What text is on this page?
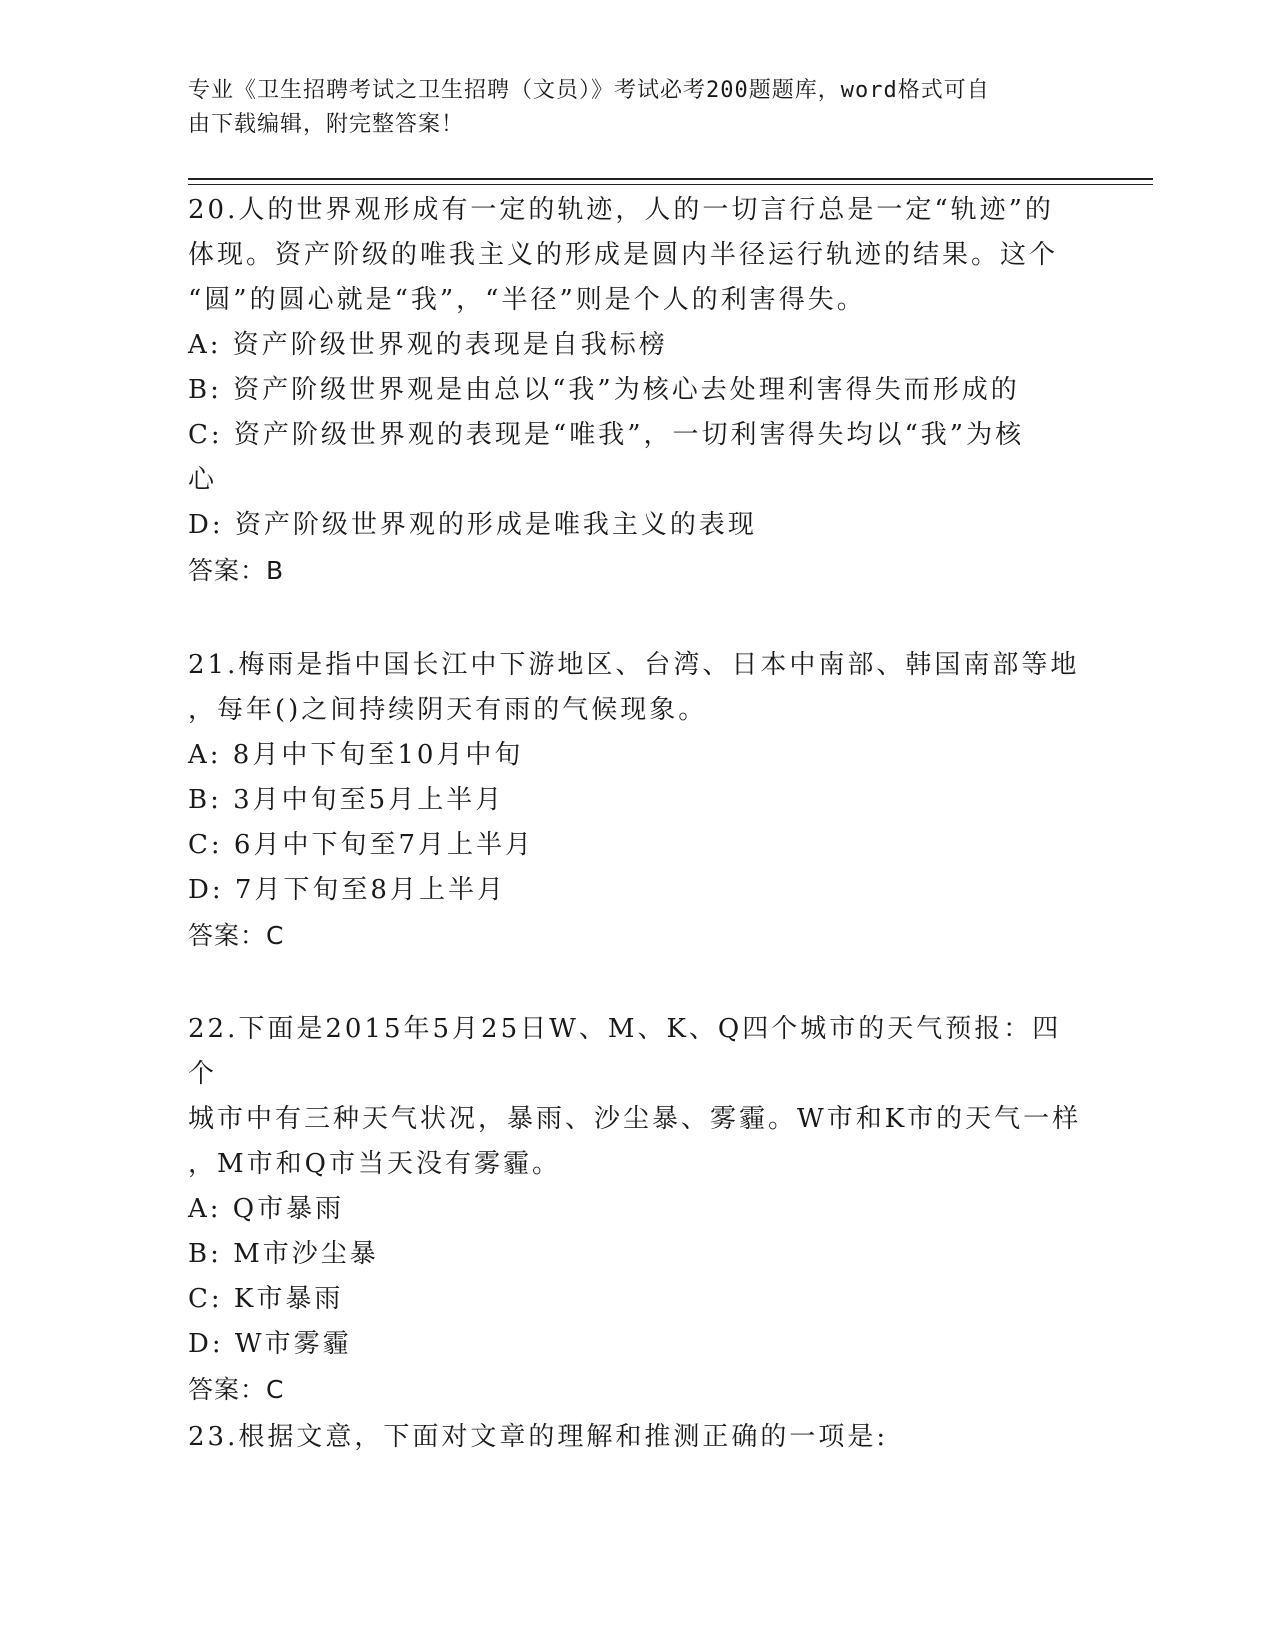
专业《卫生招聘考试之卫生招聘（文员）》考试必考200题题库，word格式可自
由下载编辑，附完整答案！

20.人的世界观形成有一定的轨迹，人的一切言行总是一定“轨迹”的

体现。资产阶级的唯我主义的形成是圆内半径运行轨迹的结果。这个

“圆”的圆心就是“我”，“半径”则是个人的利害得失。

A: 资产阶级世界观的表现是自我标榜

B: 资产阶级世界观是由总以“我”为核心去处理利害得失而形成的

C: 资产阶级世界观的表现是“唯我”，一切利害得失均以“我”为核

心

D: 资产阶级世界观的形成是唯我主义的表现

答案：B

21.梅雨是指中国长江中下游地区、台湾、日本中南部、韩国南部等地

，每年()之间持续阴天有雨的气候现象。

A: 8月中下旬至10月中旬

B: 3月中旬至5月上半月

C: 6月中下旬至7月上半月

D: 7月下旬至8月上半月

答案：C

22.下面是2015年5月25日W、M、K、Q四个城市的天气预报：四个

城市中有三种天气状况，暴雨、沙尘暴、雾霾。W市和K市的天气一样

，M市和Q市当天没有雾霾。

A: Q市暴雨

B: M市沙尘暴

C: K市暴雨

D: W市雾霾

答案：C

23.根据文意，下面对文章的理解和推测正确的一项是:
